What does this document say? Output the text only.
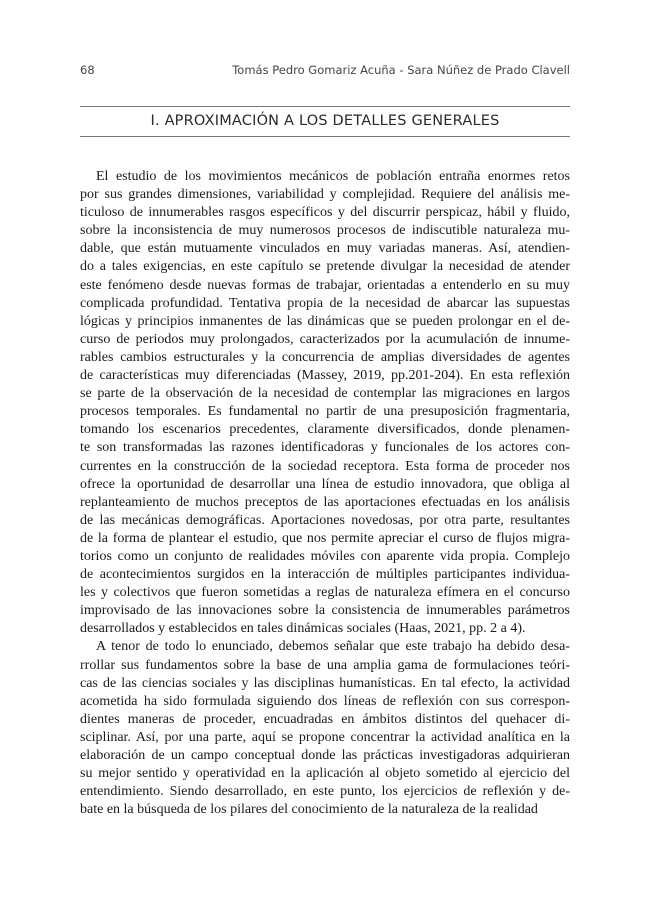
68	Tomás Pedro Gomariz Acuña - Sara Núñez de Prado Clavell
I. APROXIMACIÓN A LOS DETALLES GENERALES
El estudio de los movimientos mecánicos de población entraña enormes retos
por sus grandes dimensiones, variabilidad y complejidad. Requiere del análisis me-
ticuloso de innumerables rasgos específicos y del discurrir perspicaz, hábil y fluido,
sobre la inconsistencia de muy numerosos procesos de indiscutible naturaleza mu-
dable, que están mutuamente vinculados en muy variadas maneras. Así, atendien-
do a tales exigencias, en este capítulo se pretende divulgar la necesidad de atender
este fenómeno desde nuevas formas de trabajar, orientadas a entenderlo en su muy
complicada profundidad. Tentativa propia de la necesidad de abarcar las supuestas
lógicas y principios inmanentes de las dinámicas que se pueden prolongar en el de-
curso de periodos muy prolongados, caracterizados por la acumulación de innume-
rables cambios estructurales y la concurrencia de amplias diversidades de agentes
de características muy diferenciadas (Massey, 2019, pp.201-204). En esta reflexión
se parte de la observación de la necesidad de contemplar las migraciones en largos
procesos temporales. Es fundamental no partir de una presuposición fragmentaria,
tomando los escenarios precedentes, claramente diversificados, donde plenamen-
te son transformadas las razones identificadoras y funcionales de los actores con-
currentes en la construcción de la sociedad receptora. Esta forma de proceder nos
ofrece la oportunidad de desarrollar una línea de estudio innovadora, que obliga al
replanteamiento de muchos preceptos de las aportaciones efectuadas en los análisis
de las mecánicas demográficas. Aportaciones novedosas, por otra parte, resultantes
de la forma de plantear el estudio, que nos permite apreciar el curso de flujos migra-
torios como un conjunto de realidades móviles con aparente vida propia. Complejo
de acontecimientos surgidos en la interacción de múltiples participantes individua-
les y colectivos que fueron sometidas a reglas de naturaleza efímera en el concurso
improvisado de las innovaciones sobre la consistencia de innumerables parámetros
desarrollados y establecidos en tales dinámicas sociales (Haas, 2021, pp. 2 a 4).
A tenor de todo lo enunciado, debemos señalar que este trabajo ha debido desa-
rrollar sus fundamentos sobre la base de una amplia gama de formulaciones teóri-
cas de las ciencias sociales y las disciplinas humanísticas. En tal efecto, la actividad
acometida ha sido formulada siguiendo dos líneas de reflexión con sus correspon-
dientes maneras de proceder, encuadradas en ámbitos distintos del quehacer di-
sciplinar. Así, por una parte, aquí se propone concentrar la actividad analítica en la
elaboración de un campo conceptual donde las prácticas investigadoras adquirieran
su mejor sentido y operatividad en la aplicación al objeto sometido al ejercicio del
entendimiento. Siendo desarrollado, en este punto, los ejercicios de reflexión y de-
bate en la búsqueda de los pilares del conocimiento de la naturaleza de la realidad
